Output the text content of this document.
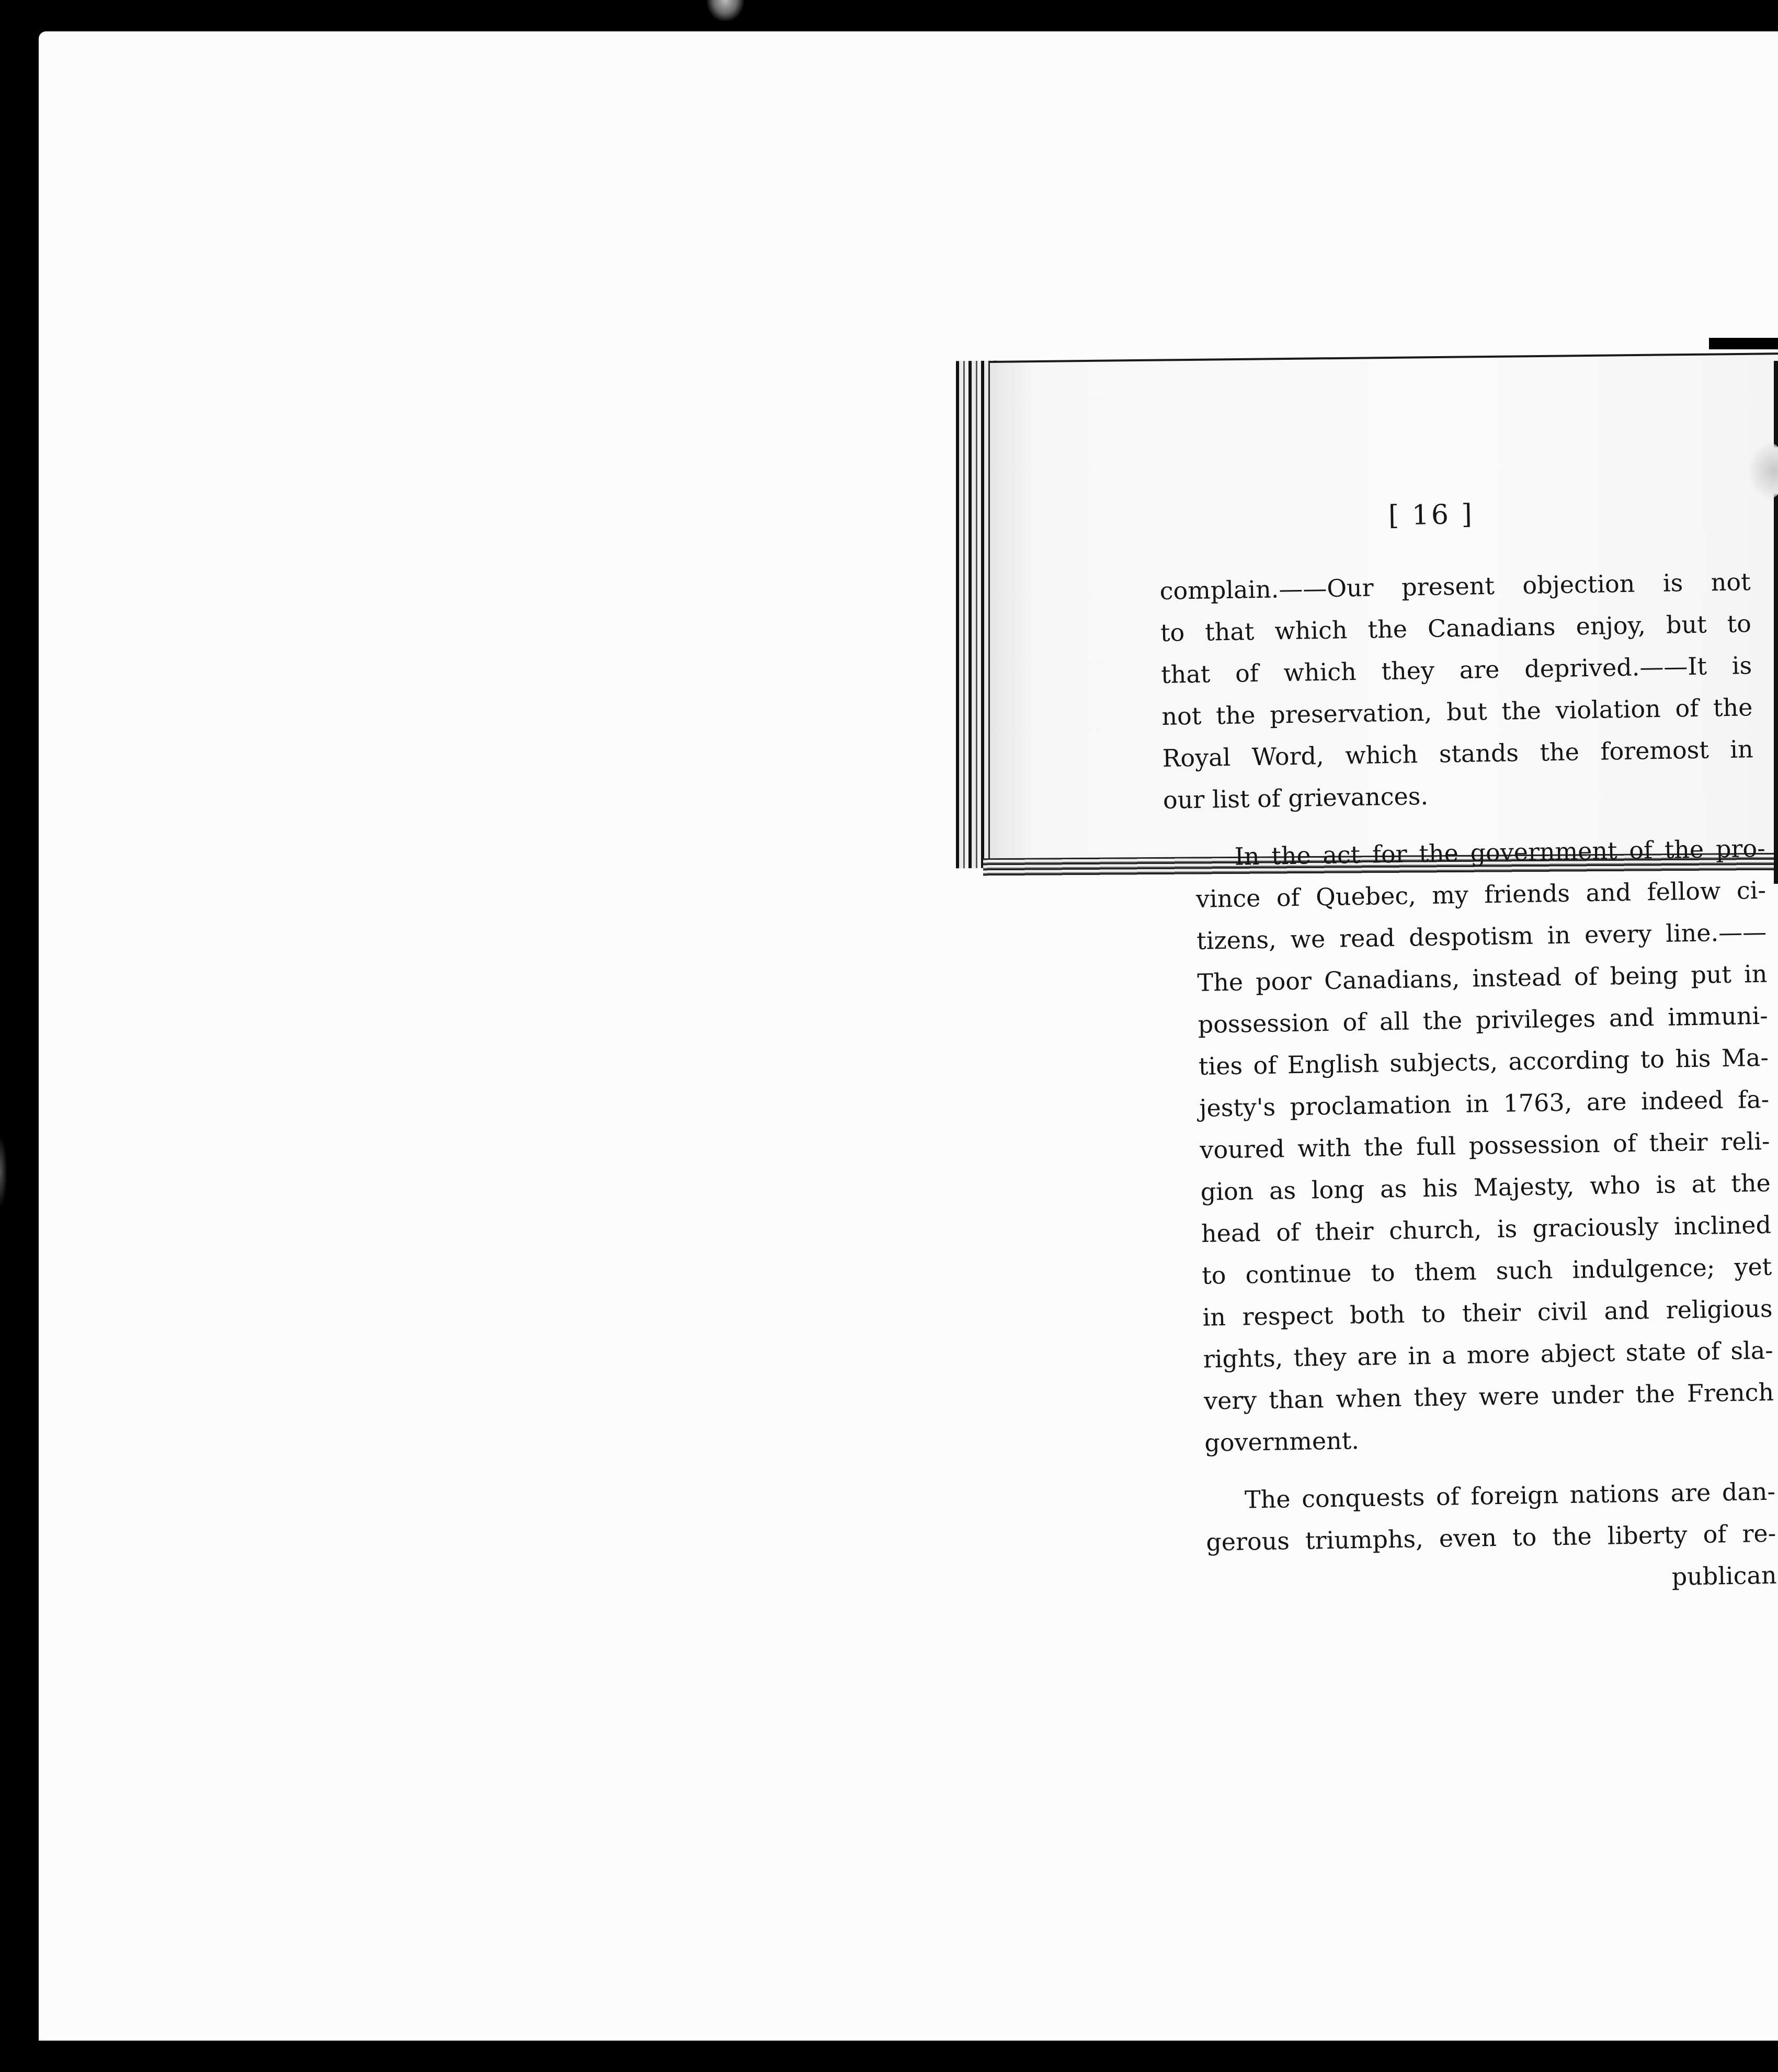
[ 16 ]
complain.——Our present objection is not
to that which the Canadians enjoy, but to
that of which they are deprived.——It is
not the preservation, but the violation of the
Royal Word, which stands the foremost in
our list of grievances.
In the act for the government of the pro-
vince of Quebec, my friends and fellow ci-
tizens, we read despotism in every line.——
The poor Canadians, instead of being put in
possession of all the privileges and immuni-
ties of English subjects, according to his Ma-
jesty's proclamation in 1763, are indeed fa-
voured with the full possession of their reli-
gion as long as his Majesty, who is at the
head of their church, is graciously inclined
to continue to them such indulgence; yet
in respect both to their civil and religious
rights, they are in a more abject state of sla-
very than when they were under the French
government.
The conquests of foreign nations are dan-
gerous triumphs, even to the liberty of re-
publican
